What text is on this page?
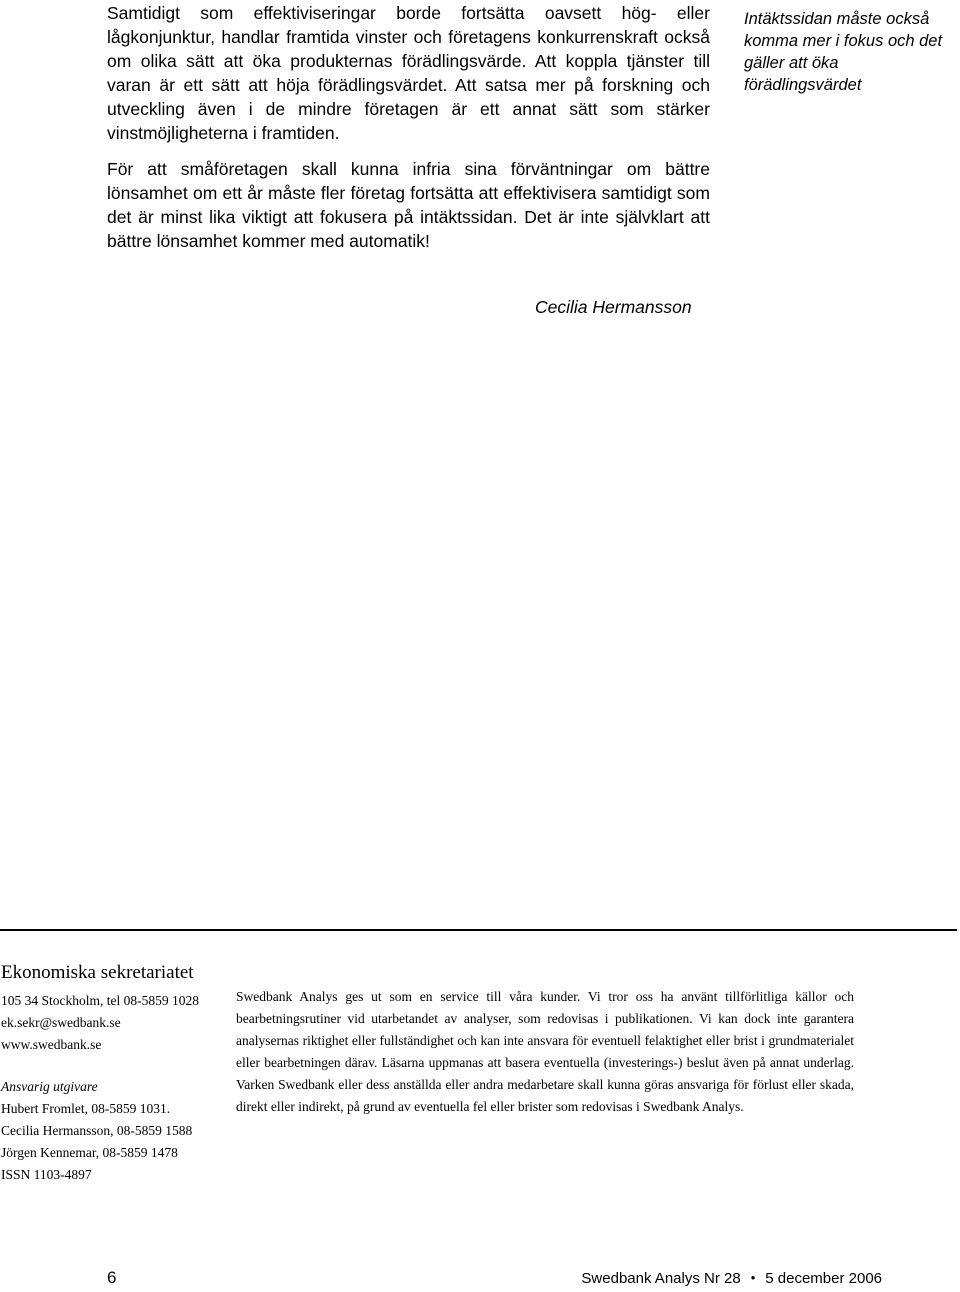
Samtidigt som effektiviseringar borde fortsätta oavsett hög- eller lågkonjunktur, handlar framtida vinster och företagens konkurrenskraft också om olika sätt att öka produkternas förädlingsvärde. Att koppla tjänster till varan är ett sätt att höja förädlingsvärdet. Att satsa mer på forskning och utveckling även i de mindre företagen är ett annat sätt som stärker vinstmöjligheterna i framtiden.

För att småföretagen skall kunna infria sina förväntningar om bättre lönsamhet om ett år måste fler företag fortsätta att effektivisera samtidigt som det är minst lika viktigt att fokusera på intäktssidan. Det är inte självklart att bättre lönsamhet kommer med automatik!

Intäktssidan måste också komma mer i fokus och det gäller att öka förädlingsvärdet

Cecilia Hermansson

Ekonomiska sekretariatet

105 34 Stockholm, tel 08-5859 1028
ek.sekr@swedbank.se
www.swedbank.se
Ansvarig utgivare
Hubert Fromlet, 08-5859 1031.
Cecilia Hermansson, 08-5859 1588
Jörgen Kennemar, 08-5859 1478
ISSN 1103-4897

Swedbank Analys ges ut som en service till våra kunder. Vi tror oss ha använt tillförlitliga källor och bearbetningsrutiner vid utarbetandet av analyser, som redovisas i publikationen. Vi kan dock inte garantera analysernas riktighet eller fullständighet och kan inte ansvara för eventuell felaktighet eller brist i grundmaterialet eller bearbetningen därav. Läsarna uppmanas att basera eventuella (investerings-) beslut även på annat underlag. Varken Swedbank eller dess anställda eller andra medarbetare skall kunna göras ansvariga för förlust eller skada, direkt eller indirekt, på grund av eventuella fel eller brister som redovisas i Swedbank Analys.

6	Swedbank Analys Nr 28 • 5 december 2006
